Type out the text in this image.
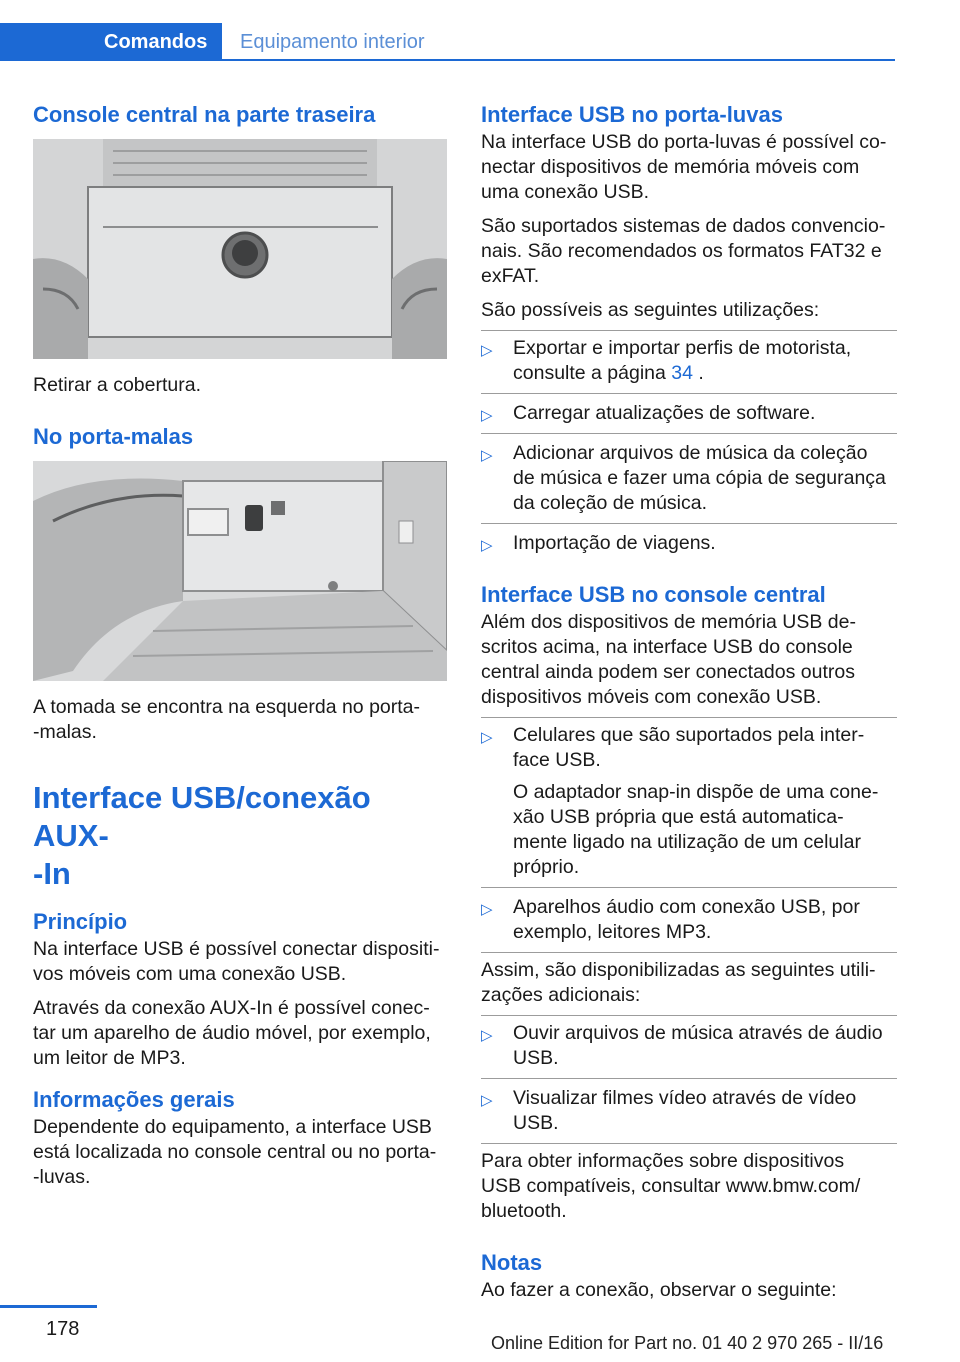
Comandos	Equipamento interior
Console central na parte traseira

Retirar a cobertura.

No porta-malas

A tomada se encontra na esquerda no porta-
-malas.

Interface USB/conexão AUX-
-In
Princípio

Na interface USB é possível conectar dispositi-
vos móveis com uma conexão USB.

Através da conexão AUX-In é possível conec-
tar um aparelho de áudio móvel, por exemplo,
um leitor de MP3.

Informações gerais

Dependente do equipamento, a interface USB
está localizada no console central ou no porta-
-luvas.

Interface USB no porta-luvas

Na interface USB do porta-luvas é possível co-
nectar dispositivos de memória móveis com
uma conexão USB.

São suportados sistemas de dados convencio-
nais. São recomendados os formatos FAT32 e
exFAT.

São possíveis as seguintes utilizações:

▷ Exportar e importar perfis de motorista,
consulte a página 34 .
▷ Carregar atualizações de software.
▷ Adicionar arquivos de música da coleção
de música e fazer uma cópia de segurança
da coleção de música.
▷ Importação de viagens.
Interface USB no console central

Além dos dispositivos de memória USB de-
scritos acima, na interface USB do console
central ainda podem ser conectados outros
dispositivos móveis com conexão USB.

▷ Celulares que são suportados pela inter-
face USB.

O adaptador snap-in dispõe de uma cone-
xão USB própria que está automatica-
mente ligado na utilização de um celular
próprio.

▷ Aparelhos áudio com conexão USB, por
exemplo, leitores MP3.

Assim, são disponibilizadas as seguintes utili-
zações adicionais:

▷ Ouvir arquivos de música através de áudio
USB.
▷ Visualizar filmes vídeo através de vídeo
USB.

Para obter informações sobre dispositivos
USB compatíveis, consultar www.bmw.com/
bluetooth.

Notas

Ao fazer a conexão, observar o seguinte:

178
Online Edition for Part no. 01 40 2 970 265 - II/16
